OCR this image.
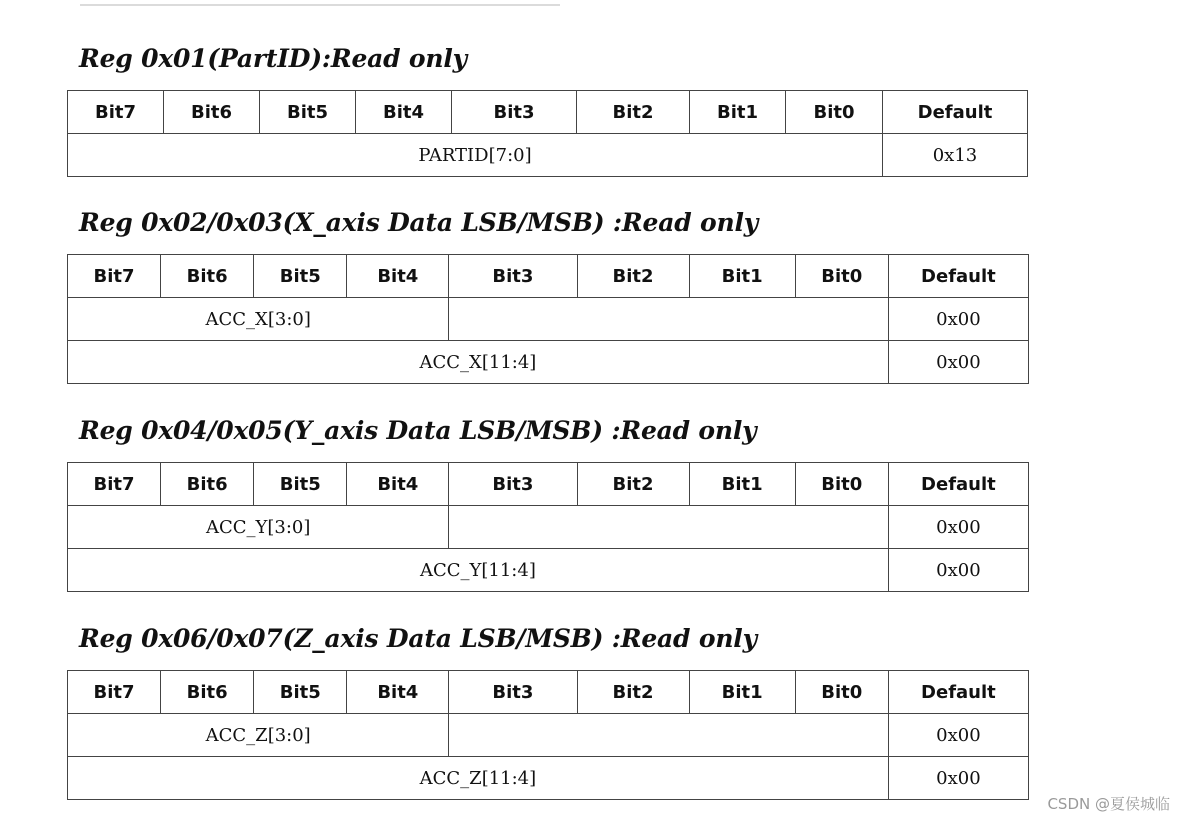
Reg 0x01(PartID):Read only
Bit7	Bit6	Bit5	Bit4	Bit3	Bit2	Bit1	Bit0	Default
PARTID[7:0]								0x13
Reg 0x02/0x03(X_axis Data LSB/MSB) :Read only
Bit7	Bit6	Bit5	Bit4	Bit3	Bit2	Bit1	Bit0	Default
ACC_X[3:0]								0x00
ACC_X[11:4]								0x00
Reg 0x04/0x05(Y_axis Data LSB/MSB) :Read only
Bit7	Bit6	Bit5	Bit4	Bit3	Bit2	Bit1	Bit0	Default
ACC_Y[3:0]								0x00
ACC_Y[11:4]								0x00
Reg 0x06/0x07(Z_axis Data LSB/MSB) :Read only
Bit7	Bit6	Bit5	Bit4	Bit3	Bit2	Bit1	Bit0	Default
ACC_Z[3:0]								0x00
ACC_Z[11:4]								0x00
CSDN @夏侯城临
